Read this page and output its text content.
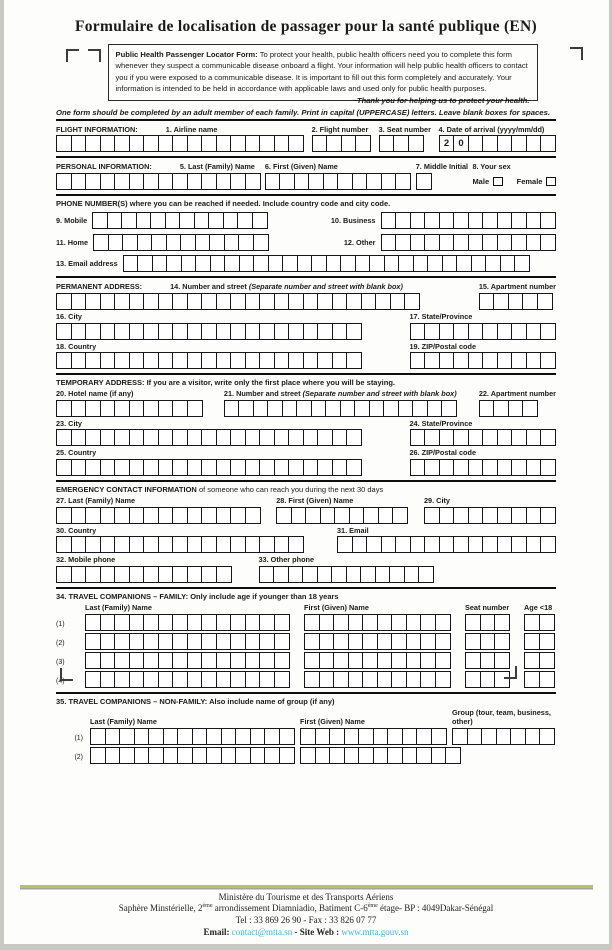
Formulaire de localisation de passager pour la santé publique (EN)
Public Health Passenger Locator Form: To protect your health, public health officers need you to complete this form whenever they suspect a communicable disease onboard a flight. Your information will help public health officers to contact you if you were exposed to a communicable disease. It is important to fill out this form completely and accurately. Your information is intended to be held in accordance with applicable laws and used only for public health purposes.
~Thank you for helping us to protect your health.
One form should be completed by an adult member of each family. Print in capital (UPPERCASE) letters. Leave blank boxes for spaces.
FLIGHT INFORMATION:	1. Airline name	2. Flight number	3. Seat number 4. Date of arrival (yyyy/mm/dd)
2 0
PERSONAL INFORMATION:	5. Last (Family) Name	6. First (Given) Name	7. Middle Initial 8. Your sex
Male	Female
PHONE NUMBER(S) where you can be reached if needed. Include country code and city code.
9. Mobile	10. Business
11. Home	12. Other
13. Email address
PERMANENT ADDRESS:	14. Number and street (Separate number and street with blank box)	15. Apartment number
16. City	17. State/Province
18. Country	19. ZIP/Postal code
TEMPORARY ADDRESS: If you are a visitor, write only the first place where you will be staying.
20. Hotel name (if any)	21. Number and street (Separate number and street with blank box)	22. Apartment number
23. City	24. State/Province
25. Country	26. ZIP/Postal code
EMERGENCY CONTACT INFORMATION of someone who can reach you during the next 30 days
27. Last (Family) Name	28. First (Given) Name	29. City
30. Country	31. Email
32. Mobile phone	33. Other phone
34. TRAVEL COMPANIONS – FAMILY: Only include age if younger than 18 years
Last (Family) Name	First (Given) Name	Seat number Age <18
(1)
(2)
(3)
(4)
35. TRAVEL COMPANIONS – NON-FAMILY: Also include name of group (if any)
Last (Family) Name	First (Given) Name
Group (tour, team, business, other)
(1)
(2)
Ministère du Tourisme et des Transports Aériens
Saphère Minstérielle, 2ème arrondissement Diamniadio, Batiment C-6ème étage- BP : 4049Dakar-Sénégal
Tel : 33 869 26 90 - Fax : 33 826 07 77
Email: contact@mtta.sn - Site Web : www.mtta.gouv.sn
